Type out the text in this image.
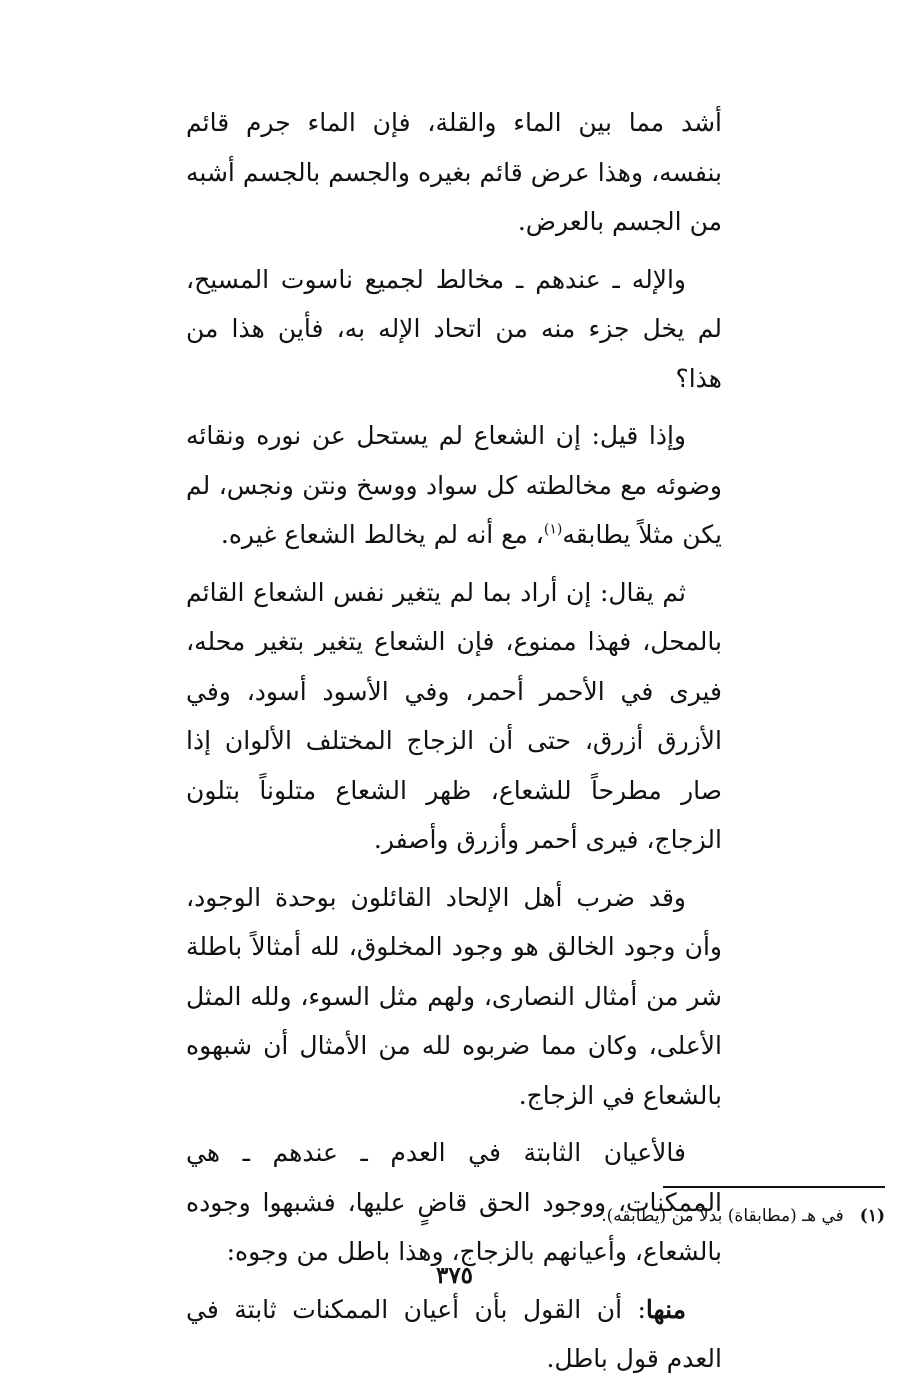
أشد مما بين الماء والقلة، فإن الماء جرم قائم بنفسه، وهذا عرض قائم بغيره والجسم بالجسم أشبه من الجسم بالعرض.

والإله ـ عندهم ـ مخالط لجميع ناسوت المسيح، لم يخل جزء منه من اتحاد الإله به، فأين هذا من هذا؟

وإذا قيل: إن الشعاع لم يستحل عن نوره ونقائه وضوئه مع مخالطته كل سواد ووسخ ونتن ونجس، لم يكن مثلاً يطابقه$^{(١)}$، مع أنه لم يخالط الشعاع غيره.

ثم يقال: إن أراد بما لم يتغير نفس الشعاع القائم بالمحل، فهذا ممنوع، فإن الشعاع يتغير بتغير محله، فيرى في الأحمر أحمر، وفي الأسود أسود، وفي الأزرق أزرق، حتى أن الزجاج المختلف الألوان إذا صار مطرحاً للشعاع، ظهر الشعاع متلوناً بتلون الزجاج، فيرى أحمر وأزرق وأصفر.

وقد ضرب أهل الإلحاد القائلون بوحدة الوجود، وأن وجود الخالق هو وجود المخلوق، لله أمثالاً باطلة شر من أمثال النصارى، ولهم مثل السوء، ولله المثل الأعلى، وكان مما ضربوه لله من الأمثال أن شبهوه بالشعاع في الزجاج.

فالأعيان الثابتة في العدم ـ عندهم ـ هي الممكنات، ووجود الحق قاضٍ عليها، فشبهوا وجوده بالشعاع، وأعيانهم بالزجاج، وهذا باطل من وجوه:

منها: أن القول بأن أعيان الممكنات ثابتة في العدم قول باطل.

(١)في هـ (مطابقاة) بدلاً من (يطابقه).
٣٧٥
